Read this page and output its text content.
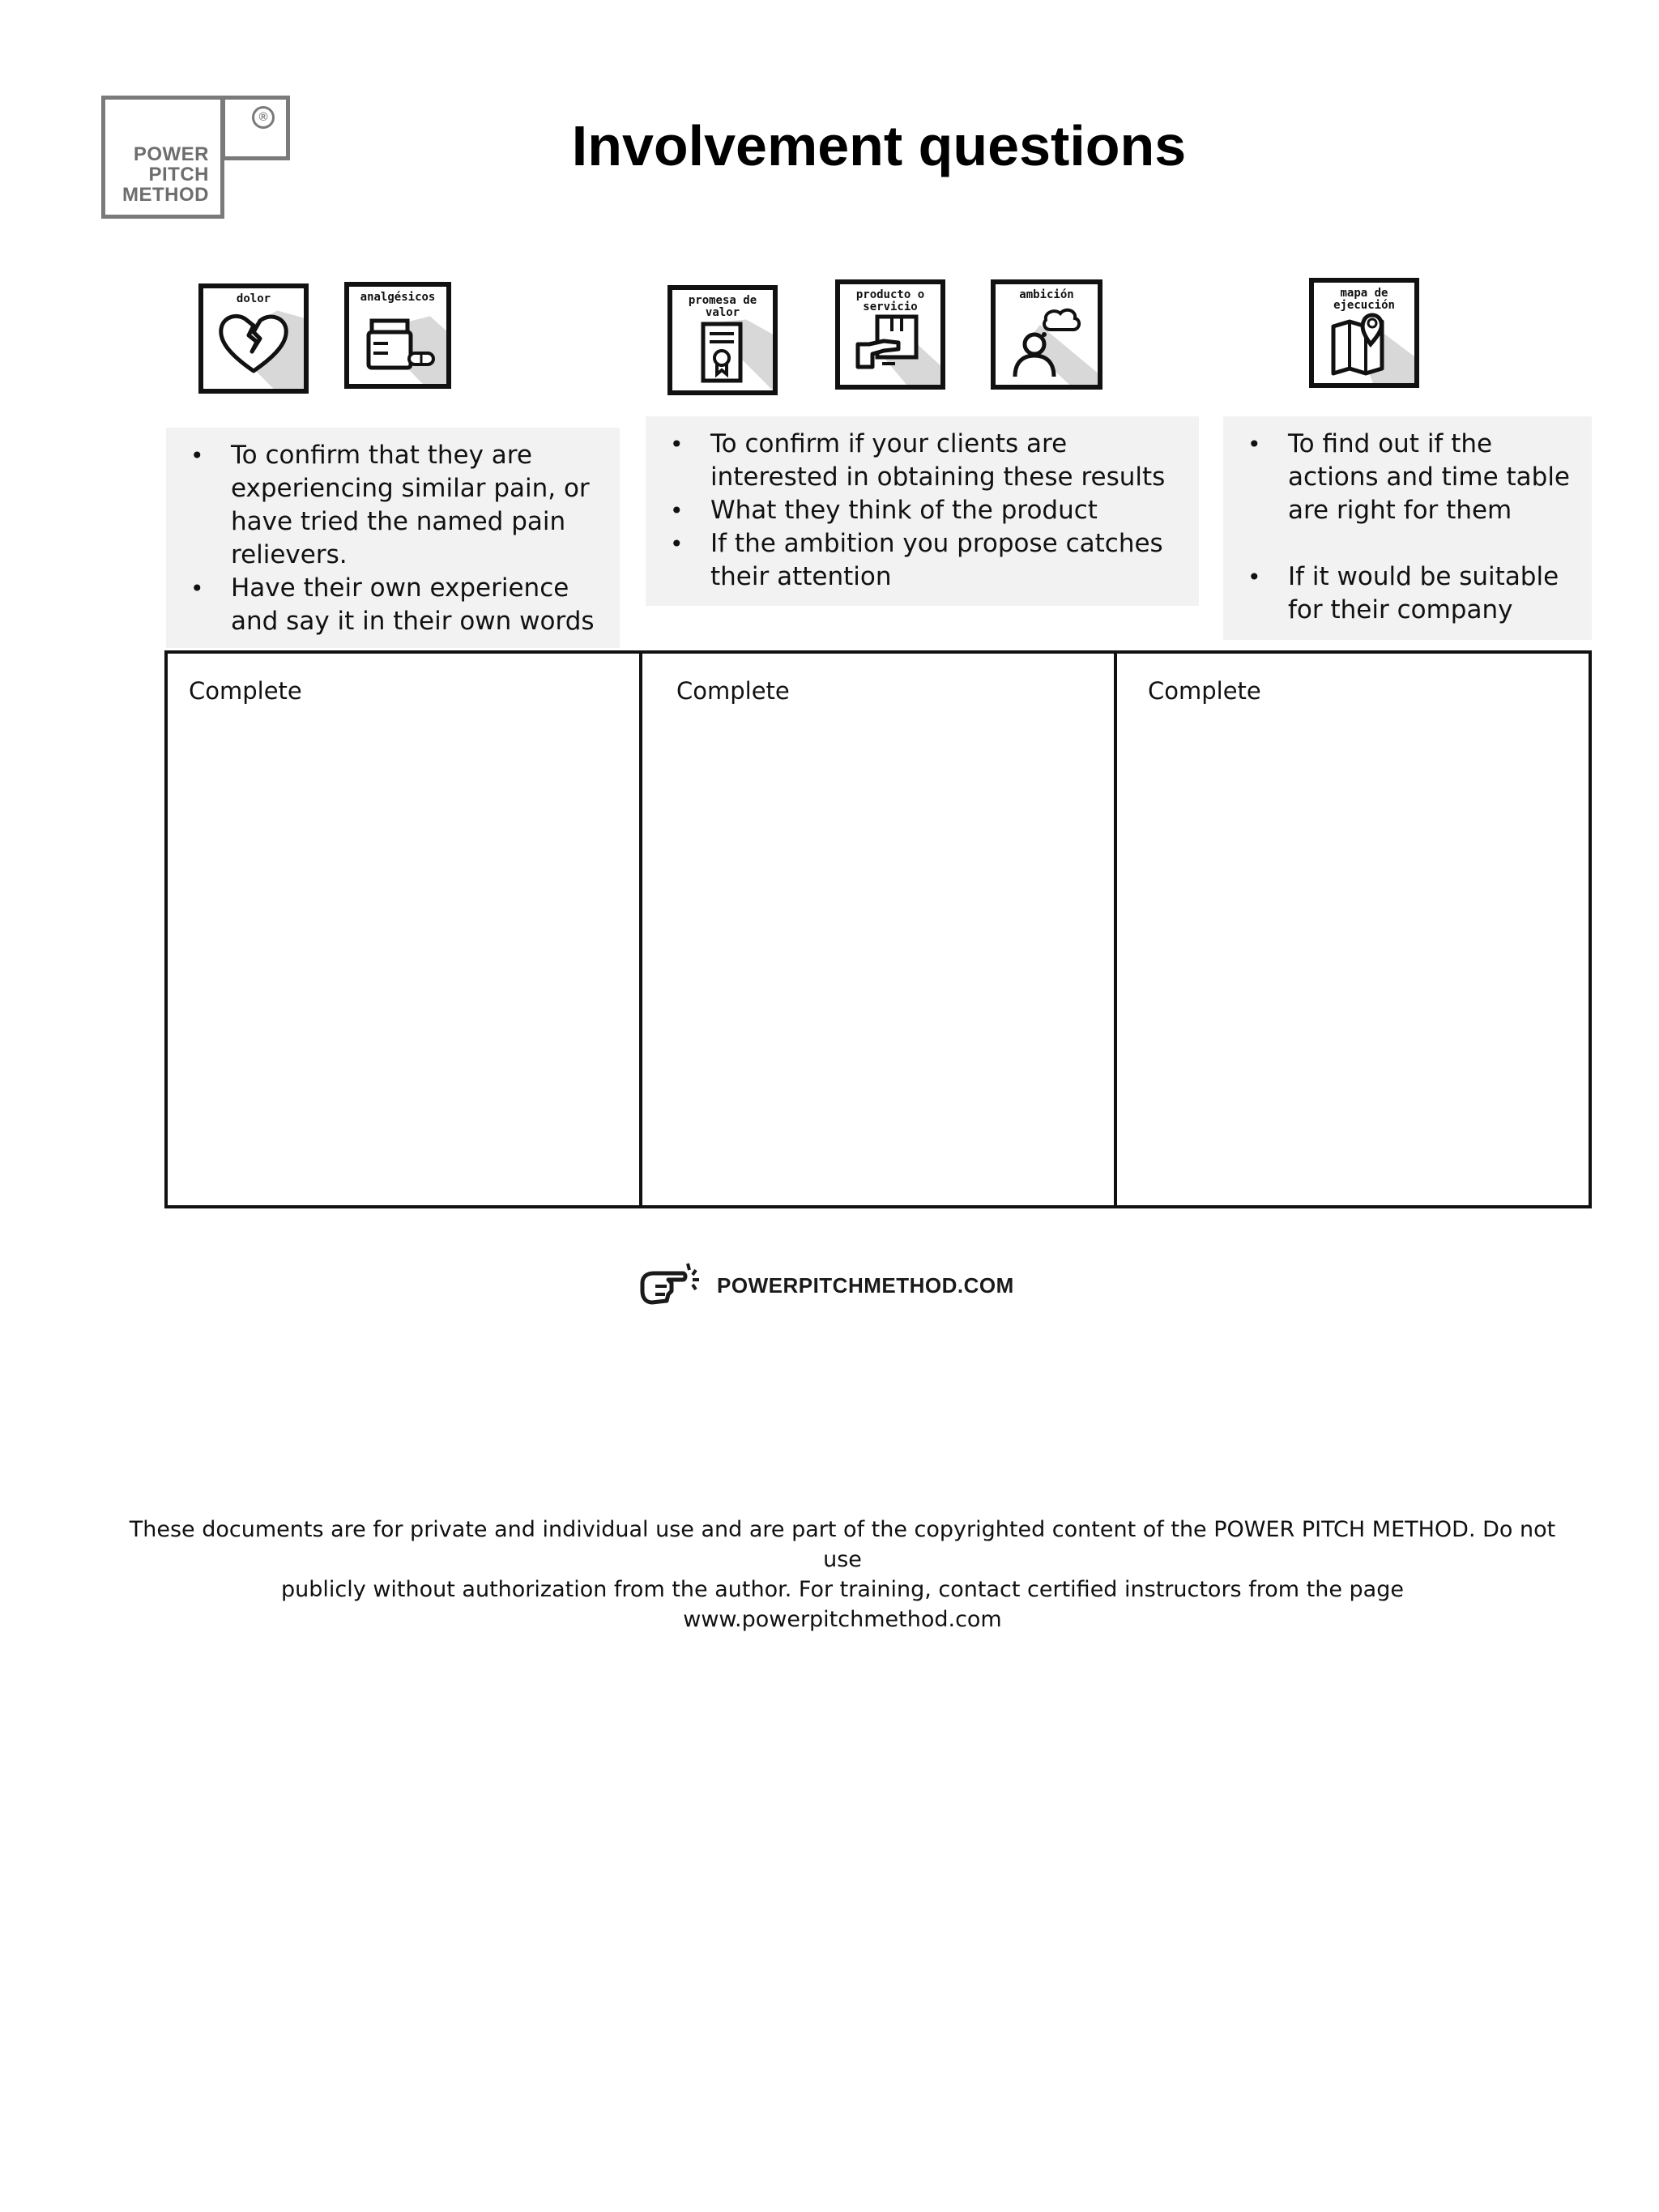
POWER
PITCH
METHOD
®	Involvement questions
dolor	analgésicos	promesa de valor
producto o servicio
ambición	mapa de ejecución
• To confirm that they are experiencing similar pain, or have tried the named pain relievers.
• Have their own experience and say it in their own words
• To confirm if your clients are interested in obtaining these results
• What they think of the product
• If the ambition you propose catches their attention
• To find out if the actions and time table are right for them
• If it would be suitable for their company
Complete	Complete	Complete
POWERPITCHMETHOD.COM
These documents are for private and individual use and are part of the copyrighted content of the POWER PITCH METHOD. Do not use
publicly without authorization from the author. For training, contact certified instructors from the page www.powerpitchmethod.com
